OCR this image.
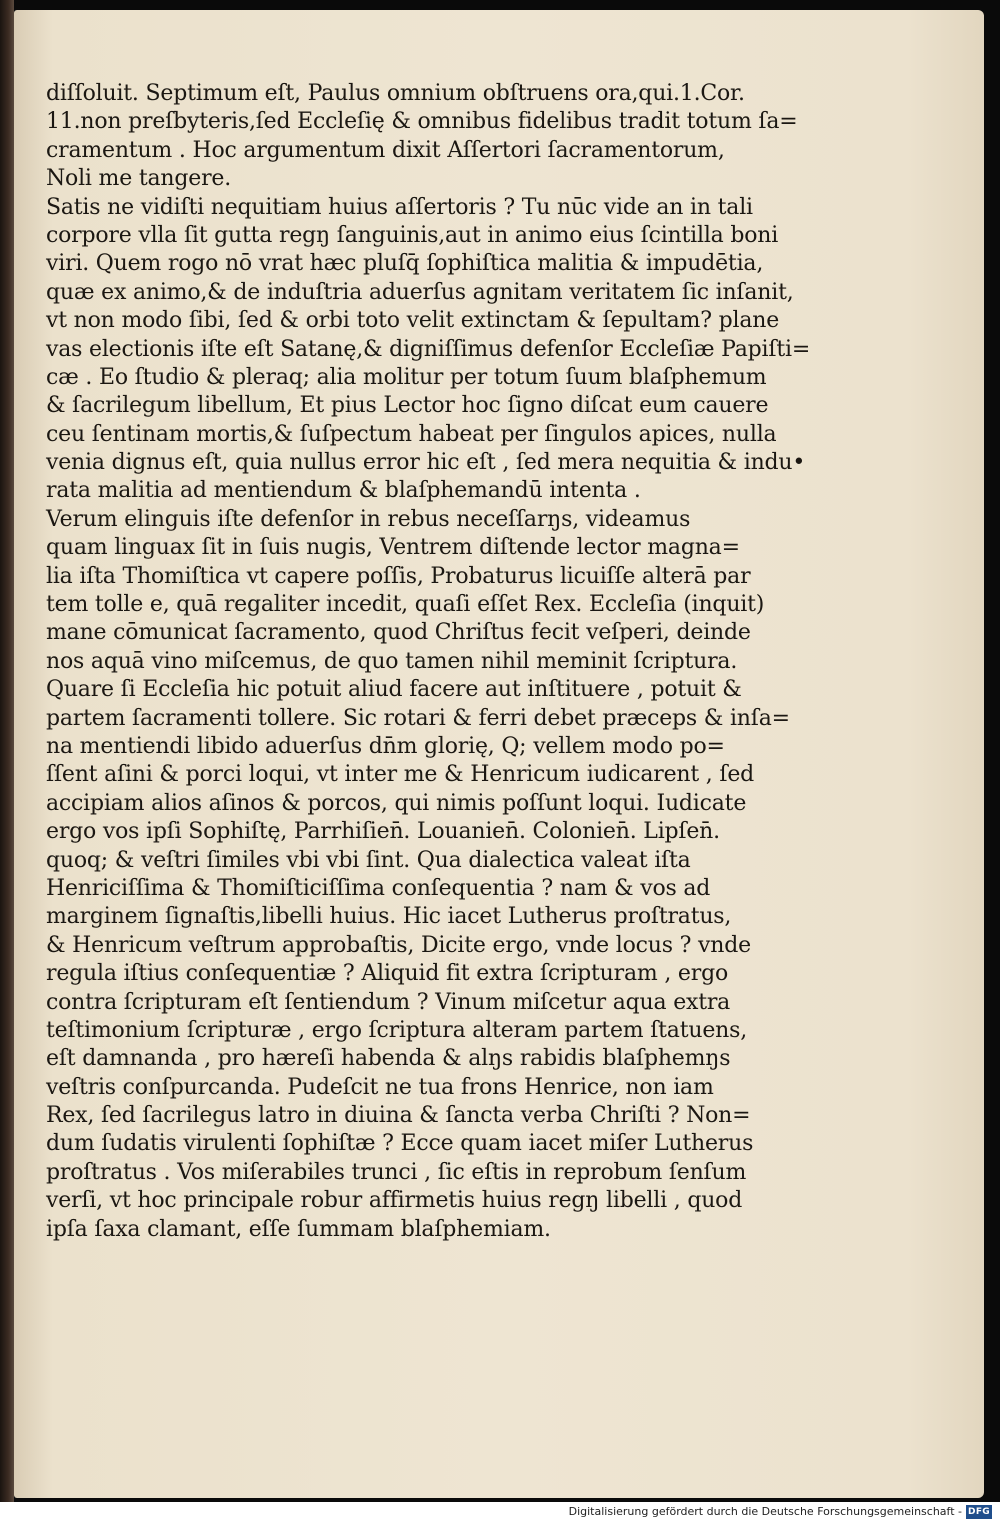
diſſoluit. Septimum eſt, Paulus omnium obſtruens ora,qui.1.Cor.
11.non preſbyteris,ſed Eccleſię & omnibus fidelibus tradit totum ſa=
cramentum . Hoc argumentum dixit Aſſertori ſacramentorum,
Noli me tangere.
Satis ne vidiſti nequitiam huius aſſertoris ? Tu nūc vide an in tali
corpore vlla ſit gutta regŋ ſanguinis,aut in animo eius ſcintilla boni
viri. Quem rogo nō vrat hæc pluſq̄ ſophiſtica malitia & impudētia,
quæ ex animo,& de induſtria aduerſus agnitam veritatem ſic inſanit,
vt non modo ſibi, ſed & orbi toto velit extinctam & ſepultam? plane
vas electionis iſte eſt Satanę,& digniſſimus defenſor Eccleſiæ Papiſti=
cæ . Eo ſtudio & pleraq; alia molitur per totum ſuum blaſphemum
& ſacrilegum libellum, Et pius Lector hoc ſigno diſcat eum cauere
ceu ſentinam mortis,& ſuſpectum habeat per ſingulos apices, nulla
venia dignus eſt, quia nullus error hic eſt , ſed mera nequitia & indu•
rata malitia ad mentiendum & blaſphemandū intenta .
Verum elinguis iſte defenſor in rebus neceſſarŋs, videamus
quam linguax ſit in ſuis nugis, Ventrem diſtende lector magna=
lia iſta Thomiſtica vt capere poſſis, Probaturus licuiſſe alterā par
tem tolle e, quā regaliter incedit, quaſi eſſet Rex. Eccleſia (inquit)
mane cōmunicat ſacramento, quod Chriſtus fecit veſperi, deinde
nos aquā vino miſcemus, de quo tamen nihil meminit ſcriptura.
Quare ſi Eccleſia hic potuit aliud facere aut inſtituere , potuit &
partem ſacramenti tollere. Sic rotari & ferri debet præceps & inſa=
na mentiendi libido aduerſus dn̄m glorię, Q; vellem modo po=
ſſent aſini & porci loqui, vt inter me & Henricum iudicarent , ſed
accipiam alios aſinos & porcos, qui nimis poſſunt loqui. Iudicate
ergo vos ipſi Sophiſtę, Parrhiſien̄. Louanien̄. Colonien̄. Lipſen̄.
quoq; & veſtri ſimiles vbi vbi ſint. Qua dialectica valeat iſta
Henriciſſima & Thomiſticiſſima conſequentia ? nam & vos ad
marginem ſignaſtis,libelli huius. Hic iacet Lutherus proſtratus,
& Henricum veſtrum approbaſtis, Dicite ergo, vnde locus ? vnde
regula iſtius conſequentiæ ? Aliquid fit extra ſcripturam , ergo
contra ſcripturam eſt ſentiendum ? Vinum miſcetur aqua extra
teſtimonium ſcripturæ , ergo ſcriptura alteram partem ſtatuens,
eſt damnanda , pro hæreſi habenda & alŋs rabidis blaſphemŋs
veſtris conſpurcanda. Pudeſcit ne tua frons Henrice, non iam
Rex, ſed ſacrilegus latro in diuina & ſancta verba Chriſti ? Non=
dum ſudatis virulenti ſophiſtæ ? Ecce quam iacet miſer Lutherus
proſtratus . Vos miſerabiles trunci , ſic eſtis in reprobum ſenſum
verſi, vt hoc principale robur affirmetis huius regŋ libelli , quod
ipſa ſaxa clamant, eſſe ſummam blaſphemiam.
Digitalisierung gefördert durch die Deutsche Forschungsgemeinschaft - DFG
